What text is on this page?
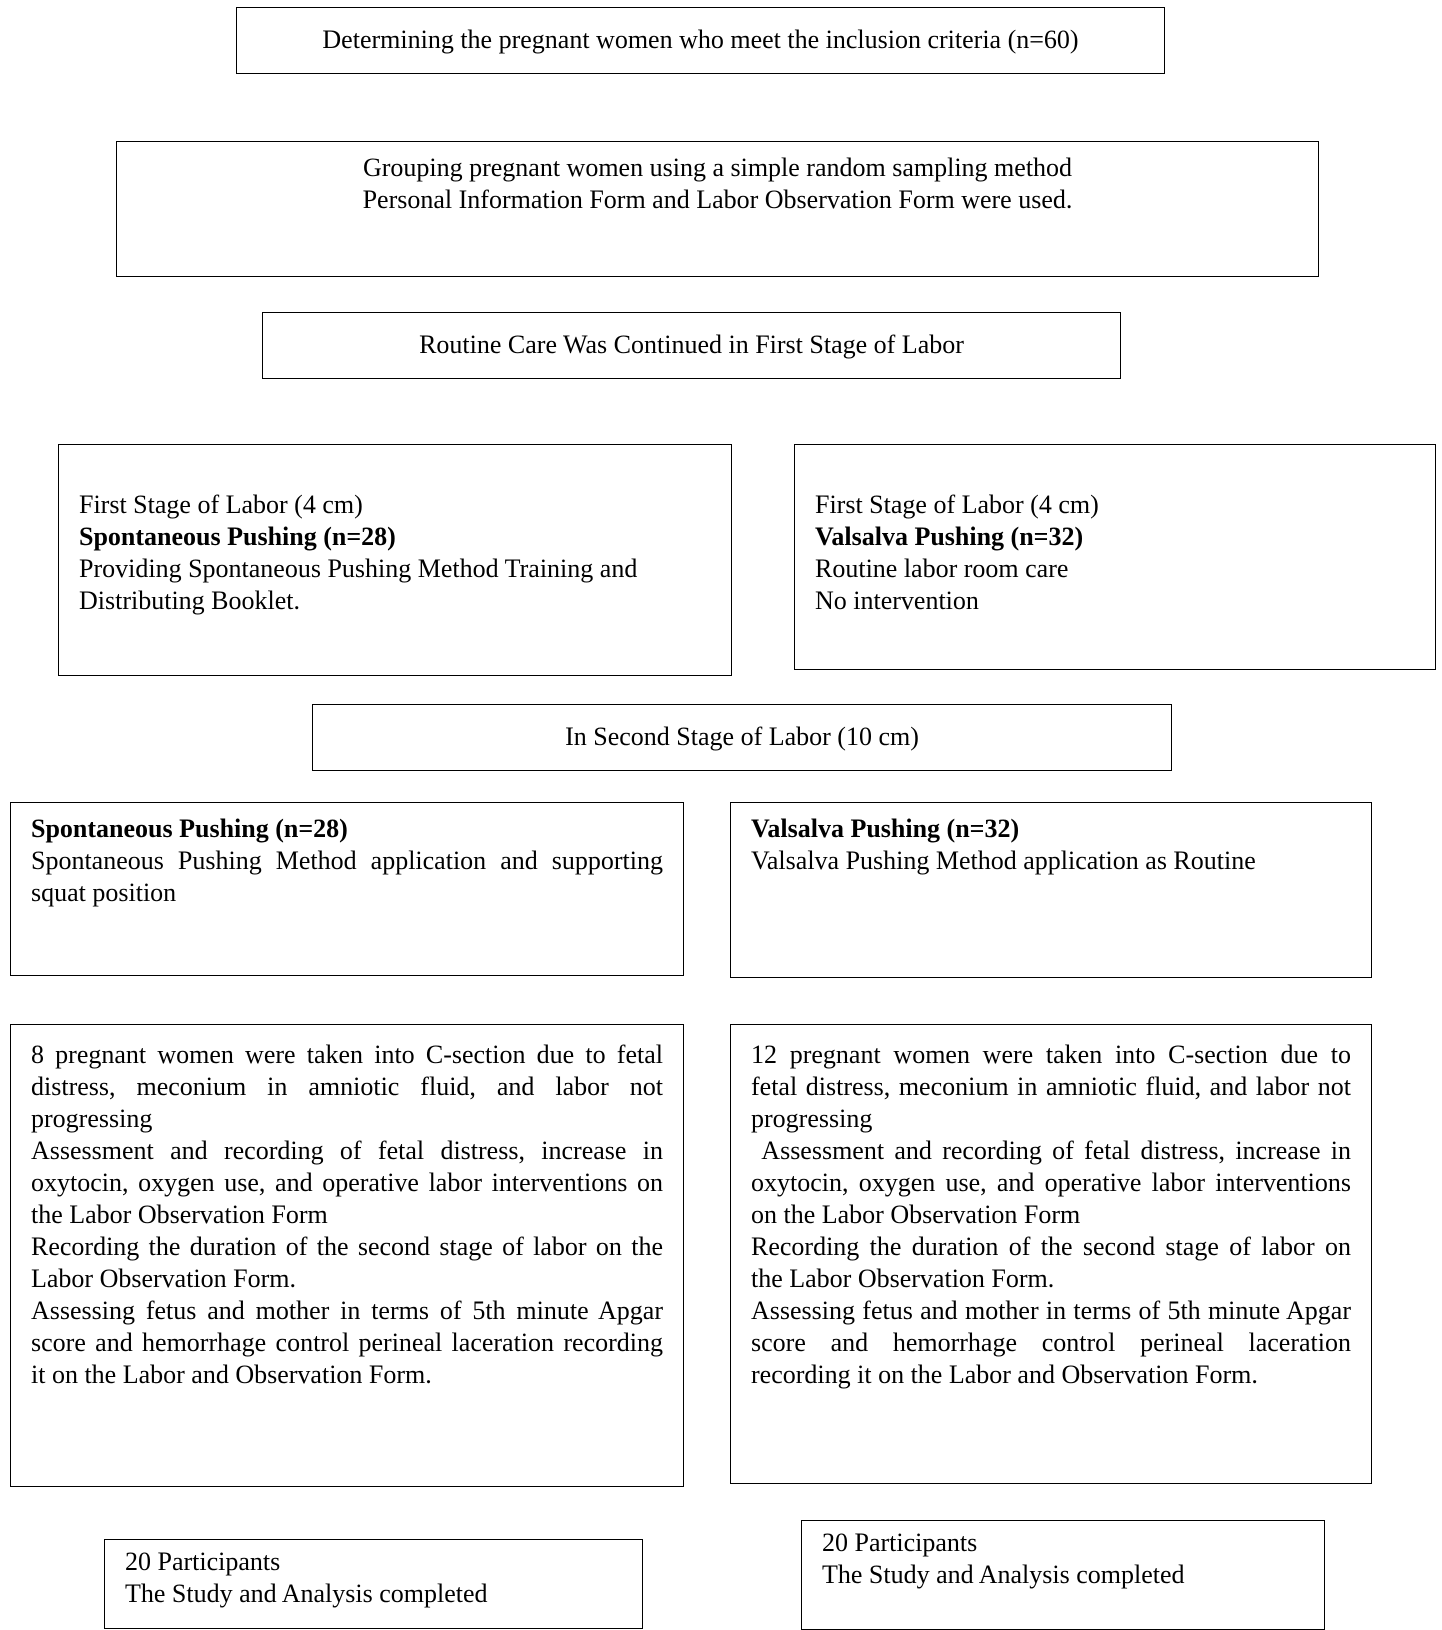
Determining the pregnant women who meet the inclusion criteria (n=60)
Grouping pregnant women using a simple random sampling method
Personal Information Form and Labor Observation Form were used.
Routine Care Was Continued in First Stage of Labor
First Stage of Labor (4 cm)
Spontaneous Pushing (n=28)
Providing Spontaneous Pushing Method Training and Distributing Booklet.
First Stage of Labor (4 cm)
Valsalva Pushing (n=32)
Routine labor room care
No intervention
In Second Stage of Labor (10 cm)
Spontaneous Pushing (n=28)
Spontaneous Pushing Method application and supporting squat position
Valsalva Pushing (n=32)
Valsalva Pushing Method application as Routine
8 pregnant women were taken into C-section due to fetal distress, meconium in amniotic fluid, and labor not progressing
Assessment and recording of fetal distress, increase in oxytocin, oxygen use, and operative labor interventions on the Labor Observation Form
Recording the duration of the second stage of labor on the Labor Observation Form.
Assessing fetus and mother in terms of 5th minute Apgar score and hemorrhage control perineal laceration recording it on the Labor and Observation Form.
12 pregnant women were taken into C-section due to fetal distress, meconium in amniotic fluid, and labor not progressing
Assessment and recording of fetal distress, increase in oxytocin, oxygen use, and operative labor interventions on the Labor Observation Form
Recording the duration of the second stage of labor on the Labor Observation Form.
Assessing fetus and mother in terms of 5th minute Apgar score and hemorrhage control perineal laceration recording it on the Labor and Observation Form.
20 Participants
The Study and Analysis completed
20 Participants
The Study and Analysis completed
